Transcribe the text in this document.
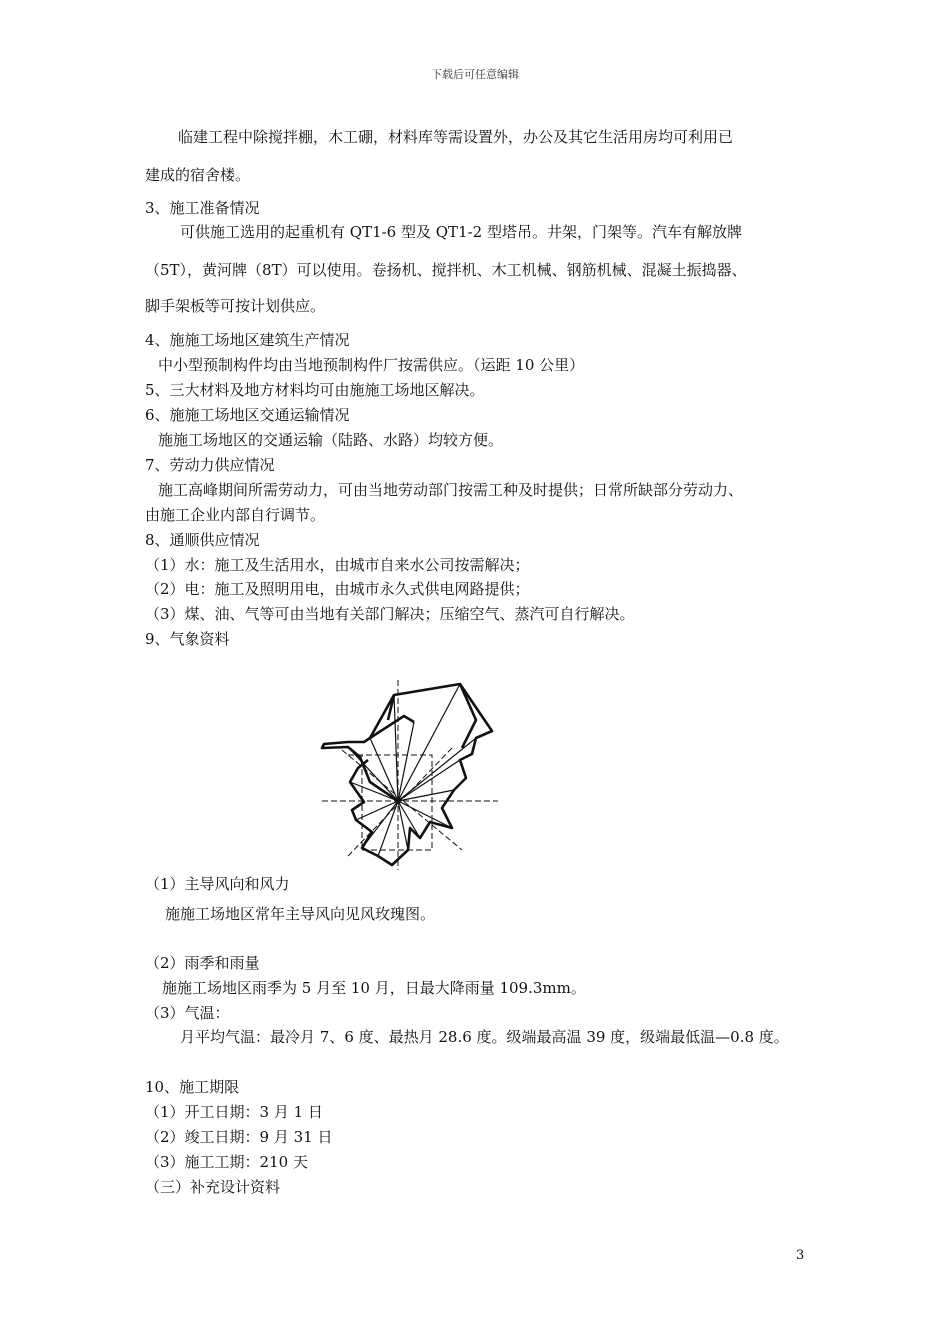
下载后可任意编辑
临建工程中除搅拌棚，木工硼，材料库等需设置外，办公及其它生活用房均可利用已
建成的宿舍楼。
3、施工准备情况
可供施工选用的起重机有 QT1-6 型及 QT1-2 型塔吊。井架，门架等。汽车有解放牌
（5T），黄河牌（8T）可以使用。卷扬机、搅拌机、木工机械、钢筋机械、混凝土振捣器、
脚手架板等可按计划供应。
4、施施工场地区建筑生产情况
中小型预制构件均由当地预制构件厂按需供应。（运距 10 公里）
5、三大材料及地方材料均可由施施工场地区解决。
6、施施工场地区交通运输情况
施施工场地区的交通运输（陆路、水路）均较方便。
7、劳动力供应情况
施工高峰期间所需劳动力，可由当地劳动部门按需工种及时提供；日常所缺部分劳动力、
由施工企业内部自行调节。
8、通顺供应情况
（1）水：施工及生活用水，由城市自来水公司按需解决；
（2）电：施工及照明用电，由城市永久式供电网路提供；
（3）煤、油、气等可由当地有关部门解决；压缩空气、蒸汽可自行解决。
9、气象资料
（1）主导风向和风力
施施工场地区常年主导风向见风玫瑰图。
（2）雨季和雨量
施施工场地区雨季为 5 月至 10 月，日最大降雨量 109.3mm。
（3）气温：
月平均气温：最冷月 7、6 度、最热月 28.6 度。级端最高温 39 度，级端最低温—0.8 度。
10、施工期限
（1）开工日期：3 月 1 日
（2）竣工日期：9 月 31 日
（3）施工工期：210 天
（三）补充设计资料
3
